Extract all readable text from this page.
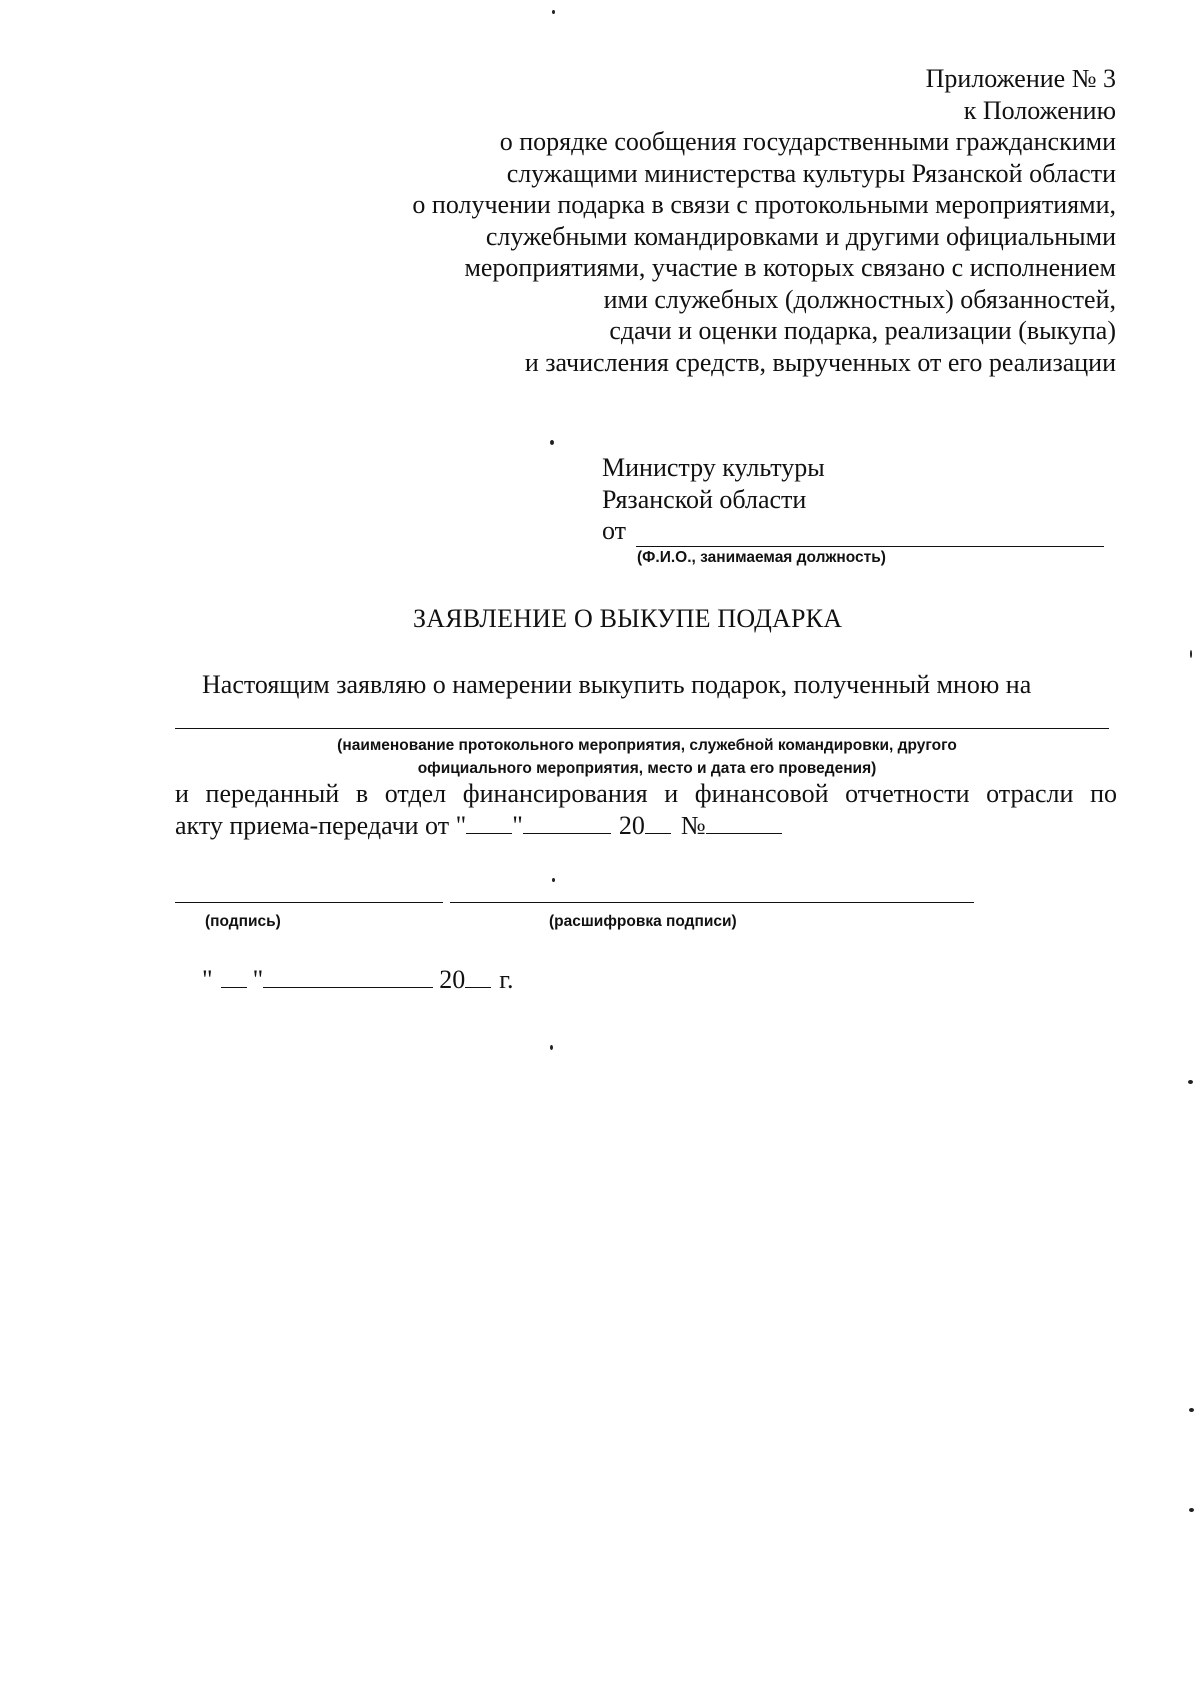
Приложение № 3
к Положению
о порядке сообщения государственными гражданскими
служащими министерства культуры Рязанской области
о получении подарка в связи с протокольными мероприятиями,
служебными командировками и другими официальными
мероприятиями, участие в которых связано с исполнением
ими служебных (должностных) обязанностей,
сдачи и оценки подарка, реализации (выкупа)
и зачисления средств, вырученных от его реализации
Министру культуры
Рязанской области
от
(Ф.И.О., занимаемая должность)
ЗАЯВЛЕНИЕ О ВЫКУПЕ ПОДАРКА
Настоящим заявляю о намерении выкупить подарок, полученный мною на
(наименование протокольного мероприятия, служебной командировки, другого
официального мероприятия, место и дата его проведения)
и переданный в отдел финансирования и финансовой отчетности отрасли по
акту приема-передачи от " "	20 №
(подпись)	(расшифровка подписи)
" "	20 г.
